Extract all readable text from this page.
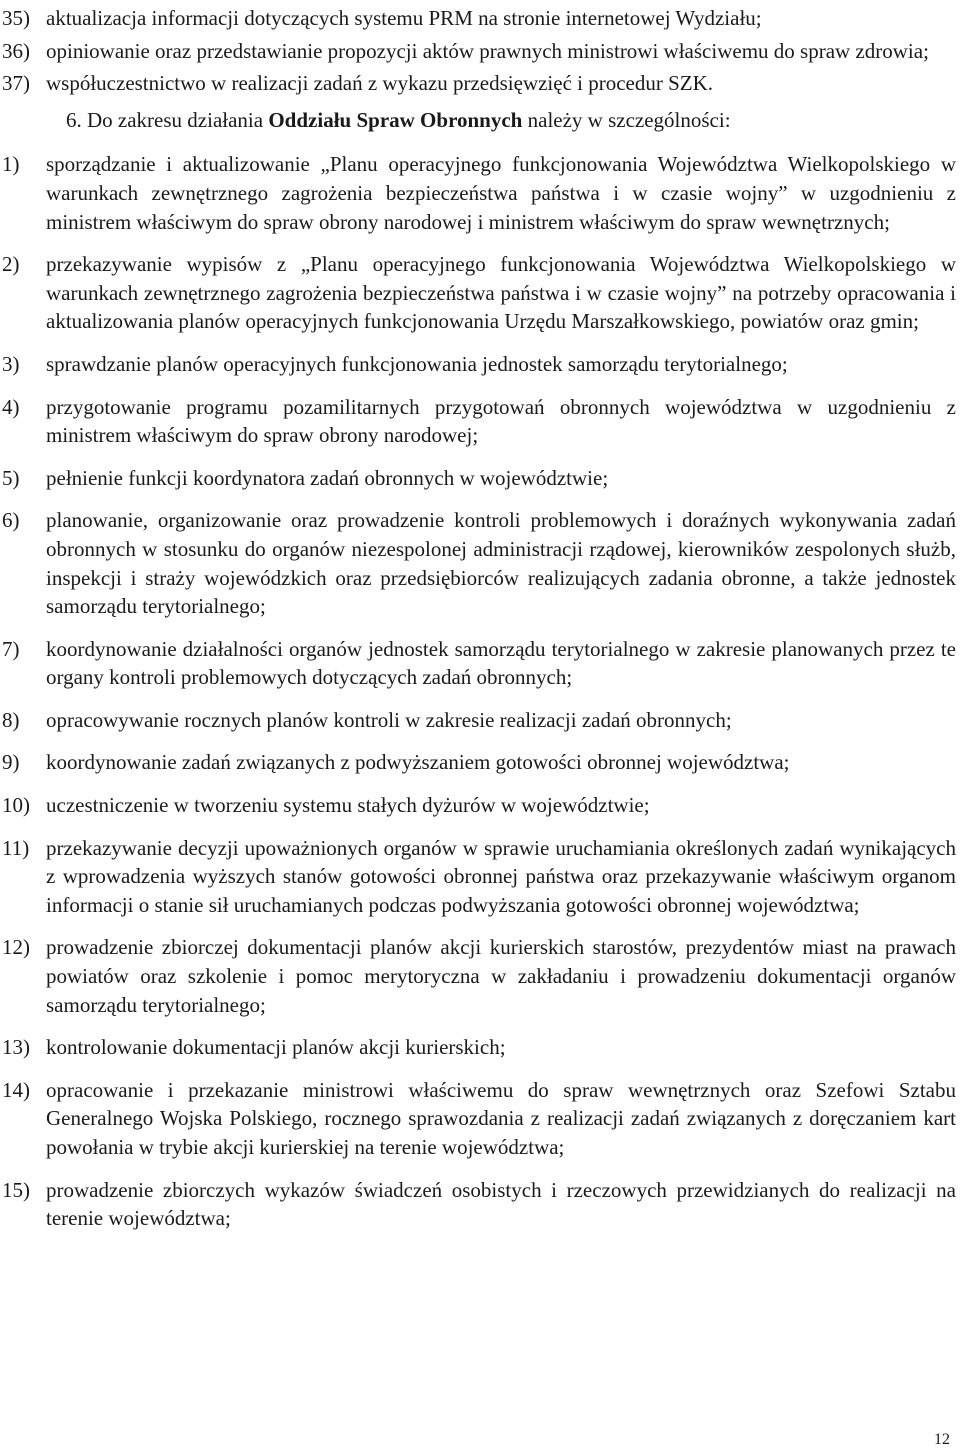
35) aktualizacja informacji dotyczących systemu PRM na stronie internetowej Wydziału;
36) opiniowanie oraz przedstawianie propozycji aktów prawnych ministrowi właściwemu do spraw zdrowia;
37) współuczestnictwo w realizacji zadań z wykazu przedsięwzięć i procedur SZK.
6. Do zakresu działania Oddziału Spraw Obronnych należy w szczególności:
1)	sporządzanie i aktualizowanie „Planu operacyjnego funkcjonowania Województwa Wielkopolskiego w warunkach zewnętrznego zagrożenia bezpieczeństwa państwa i w czasie wojny” w uzgodnieniu z ministrem właściwym do spraw obrony narodowej i ministrem właściwym do spraw wewnętrznych;
2)	przekazywanie wypisów z „Planu operacyjnego funkcjonowania Województwa Wielkopolskiego w warunkach zewnętrznego zagrożenia bezpieczeństwa państwa i w czasie wojny” na potrzeby opracowania i aktualizowania planów operacyjnych funkcjonowania Urzędu Marszałkowskiego, powiatów oraz gmin;
3)	sprawdzanie planów operacyjnych funkcjonowania jednostek samorządu terytorialnego;
4)	przygotowanie programu pozamilitarnych przygotowań obronnych województwa w uzgodnieniu z ministrem właściwym do spraw obrony narodowej;
5)	pełnienie funkcji koordynatora zadań obronnych w województwie;
6)	planowanie, organizowanie oraz prowadzenie kontroli problemowych i doraźnych wykonywania zadań obronnych w stosunku do organów niezespolonej administracji rządowej, kierowników zespolonych służb, inspekcji i straży wojewódzkich oraz przedsiębiorców realizujących zadania obronne, a także jednostek samorządu terytorialnego;
7)	koordynowanie działalności organów jednostek samorządu terytorialnego w zakresie planowanych przez te organy kontroli problemowych dotyczących zadań obronnych;
8)	opracowywanie rocznych planów kontroli w zakresie realizacji zadań obronnych;
9)	koordynowanie zadań związanych z podwyższaniem gotowości obronnej województwa;
10) uczestniczenie w tworzeniu systemu stałych dyżurów w województwie;
11) przekazywanie decyzji upoważnionych organów w sprawie uruchamiania określonych zadań wynikających z wprowadzenia wyższych stanów gotowości obronnej państwa oraz przekazywanie właściwym organom informacji o stanie sił uruchamianych podczas podwyższania gotowości obronnej województwa;
12) prowadzenie zbiorczej dokumentacji planów akcji kurierskich starostów, prezydentów miast na prawach powiatów oraz szkolenie i pomoc merytoryczna w zakładaniu i prowadzeniu dokumentacji organów samorządu terytorialnego;
13) kontrolowanie dokumentacji planów akcji kurierskich;
14) opracowanie i przekazanie ministrowi właściwemu do spraw wewnętrznych oraz Szefowi Sztabu Generalnego Wojska Polskiego, rocznego sprawozdania z realizacji zadań związanych z doręczaniem kart powołania w trybie akcji kurierskiej na terenie województwa;
15) prowadzenie zbiorczych wykazów świadczeń osobistych i rzeczowych przewidzianych do realizacji na terenie województwa;
12
